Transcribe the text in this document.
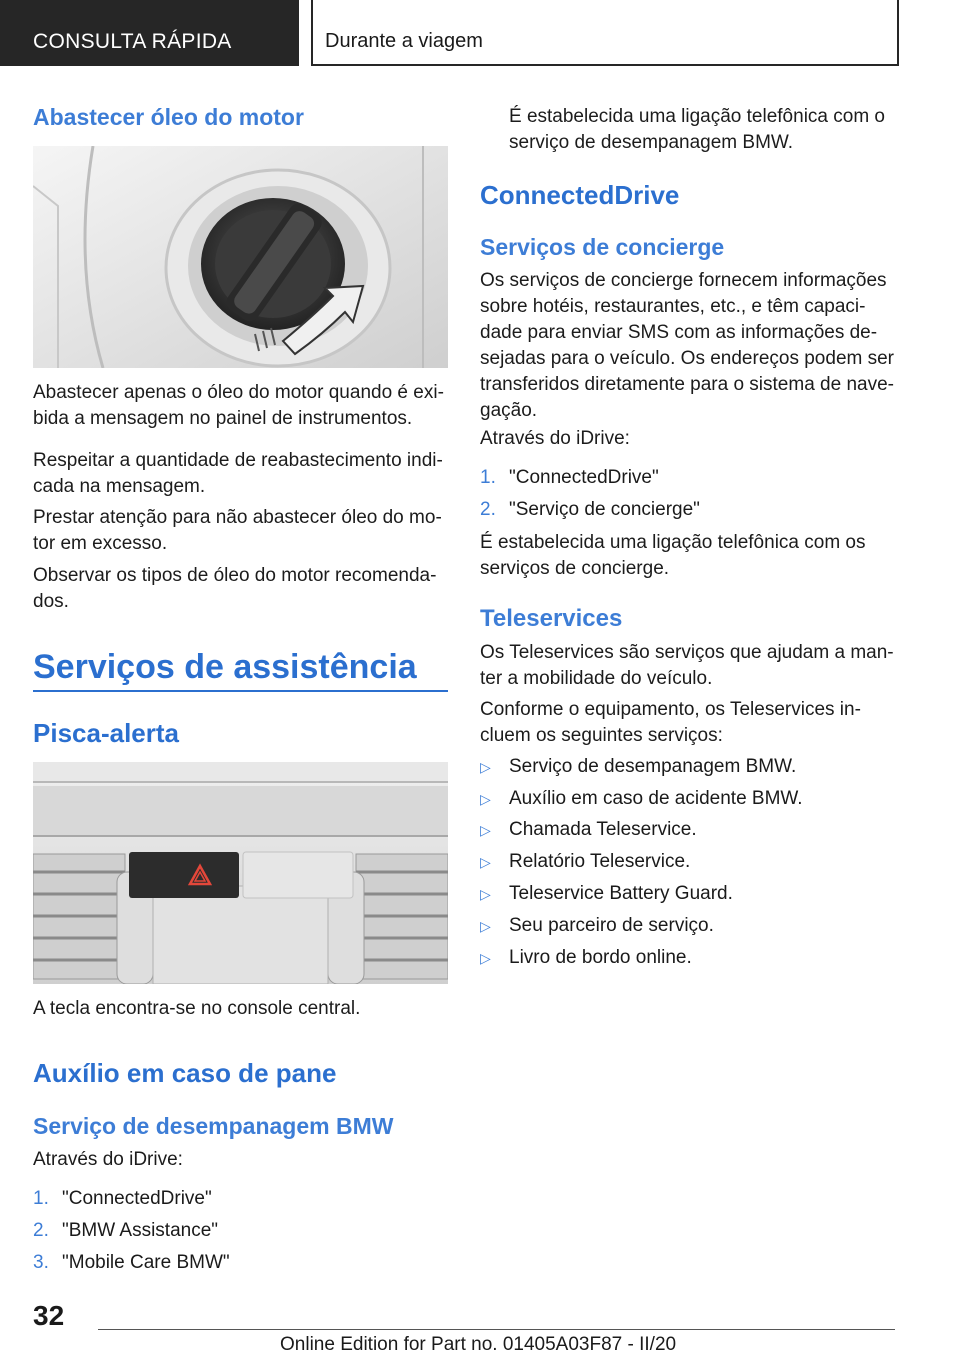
CONSULTA RÁPIDA	Durante a viagem
Abastecer óleo do motor

Abastecer apenas o óleo do motor quando é exibida a mensagem no painel de instrumentos.

Respeitar a quantidade de reabastecimento indicada na mensagem.

Prestar atenção para não abastecer óleo do motor em excesso.

Observar os tipos de óleo do motor recomendados.

Serviços de assistência
Pisca-alerta

A tecla encontra-se no console central.

Auxílio em caso de pane
Serviço de desempanagem BMW

Através do iDrive:

1. "ConnectedDrive"
2. "BMW Assistance"
3. "Mobile Care BMW"

É estabelecida uma ligação telefônica com o serviço de desempanagem BMW.

ConnectedDrive
Serviços de concierge

Os serviços de concierge fornecem informações sobre hotéis, restaurantes, etc., e têm capacidade para enviar SMS com as informações desejadas para o veículo. Os endereços podem ser transferidos diretamente para o sistema de navegação.

Através do iDrive:

1. "ConnectedDrive"
2. "Serviço de concierge"

É estabelecida uma ligação telefônica com os serviços de concierge.

Teleservices

Os Teleservices são serviços que ajudam a manter a mobilidade do veículo.

Conforme o equipamento, os Teleservices incluem os seguintes serviços:

▷ Serviço de desempanagem BMW.
▷ Auxílio em caso de acidente BMW.
▷ Chamada Teleservice.
▷ Relatório Teleservice.
▷ Teleservice Battery Guard.
▷ Seu parceiro de serviço.
▷ Livro de bordo online.
32
Online Edition for Part no. 01405A03F87 - II/20
